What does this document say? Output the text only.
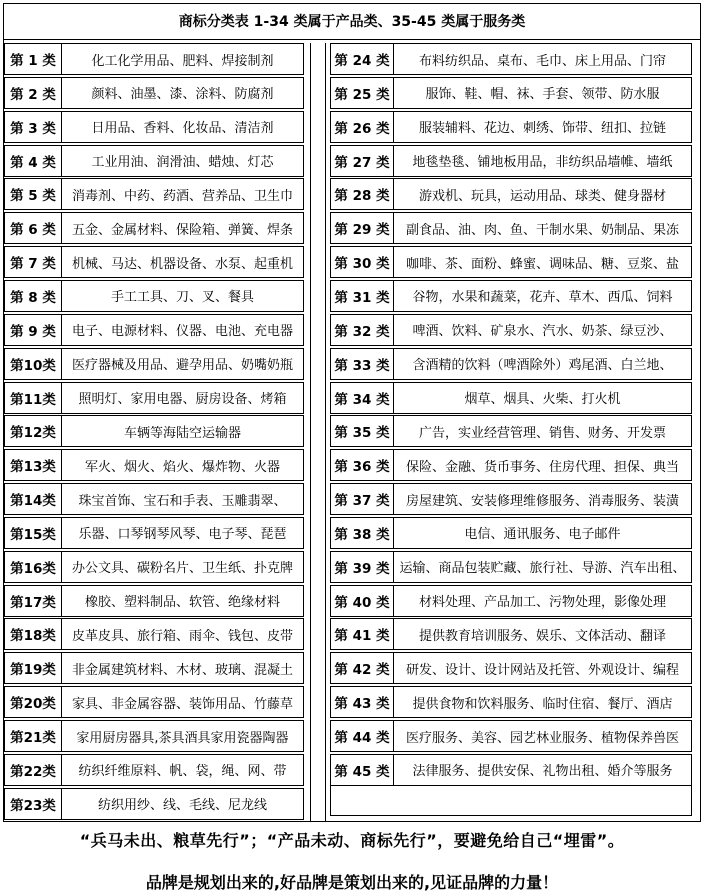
商标分类表 1-34 类属于产品类、35-45 类属于服务类
第 1 类	化工化学用品、肥料、焊接制剂
第 2 类	颜料、油墨、漆、涂料、防腐剂
第 3 类	日用品、香料、化妆品、清洁剂
第 4 类	工业用油、润滑油、蜡烛、灯芯
第 5 类	消毒剂、中药、药酒、营养品、卫生巾
第 6 类	五金、金属材料、保险箱、弹簧、焊条
第 7 类	机械、马达、机器设备、水泵、起重机
第 8 类	手工工具、刀、叉、餐具
第 9 类	电子、电源材料、仪器、电池、充电器
第10类	医疗器械及用品、避孕用品、奶嘴奶瓶
第11类	照明灯、家用电器、厨房设备、烤箱
第12类	车辆等海陆空运输器
第13类	军火、烟火、焰火、爆炸物、火器
第14类	珠宝首饰、宝石和手表、玉雕翡翠、
第15类	乐器、口琴钢琴风琴、电子琴、琵琶
第16类	办公文具、碳粉名片、卫生纸、扑克牌
第17类	橡胶、塑料制品、软管、绝缘材料
第18类	皮革皮具、旅行箱、雨伞、钱包、皮带
第19类	非金属建筑材料、木材、玻璃、混凝土
第20类	家具、非金属容器、装饰用品、竹藤草
第21类	家用厨房器具,茶具酒具家用瓷器陶器
第22类	纺织纤维原料、帆、袋，绳、网、带
第23类	纺织用纱、线、毛线、尼龙线
第 24 类	布料纺织品、桌布、毛巾、床上用品、门帘
第 25 类	服饰、鞋、帽、袜、手套、领带、防水服
第 26 类	服装辅料、花边、刺绣、饰带、纽扣、拉链
第 27 类	地毯垫毯、铺地板用品，非纺织品墙帷、墙纸
第 28 类	游戏机、玩具，运动用品、球类、健身器材
第 29 类	副食品、油、肉、鱼、干制水果、奶制品、果冻
第 30 类	咖啡、茶、面粉、蜂蜜、调味品、糖、豆浆、盐
第 31 类	谷物，水果和蔬菜，花卉、草木、西瓜、饲料
第 32 类	啤酒、饮料、矿泉水、汽水、奶茶、绿豆沙、
第 33 类	含酒精的饮料（啤酒除外）鸡尾酒、白兰地、
第 34 类	烟草、烟具、火柴、打火机
第 35 类	广告，实业经营管理、销售、财务、开发票
第 36 类	保险、金融、货币事务、住房代理、担保、典当
第 37 类	房屋建筑、安装修理维修服务、消毒服务、装潢
第 38 类	电信、通讯服务、电子邮件
第 39 类 运输、商品包装贮藏、旅行社、导游、汽车出租、
第 40 类	材料处理、产品加工、污物处理，影像处理
第 41 类	提供教育培训服务、娱乐、文体活动、翻译
第 42 类	研发、设计、设计网站及托管、外观设计、编程
第 43 类	提供食物和饮料服务、临时住宿、餐厅、酒店
第 44 类	医疗服务、美容、园艺林业服务、植物保养兽医
第 45 类	法律服务、提供安保、礼物出租、婚介等服务
“兵马未出、粮草先行”；“产品未动、商标先行”，要避免给自己“埋雷”。
品牌是规划出来的,好品牌是策划出来的,见证品牌的力量！
